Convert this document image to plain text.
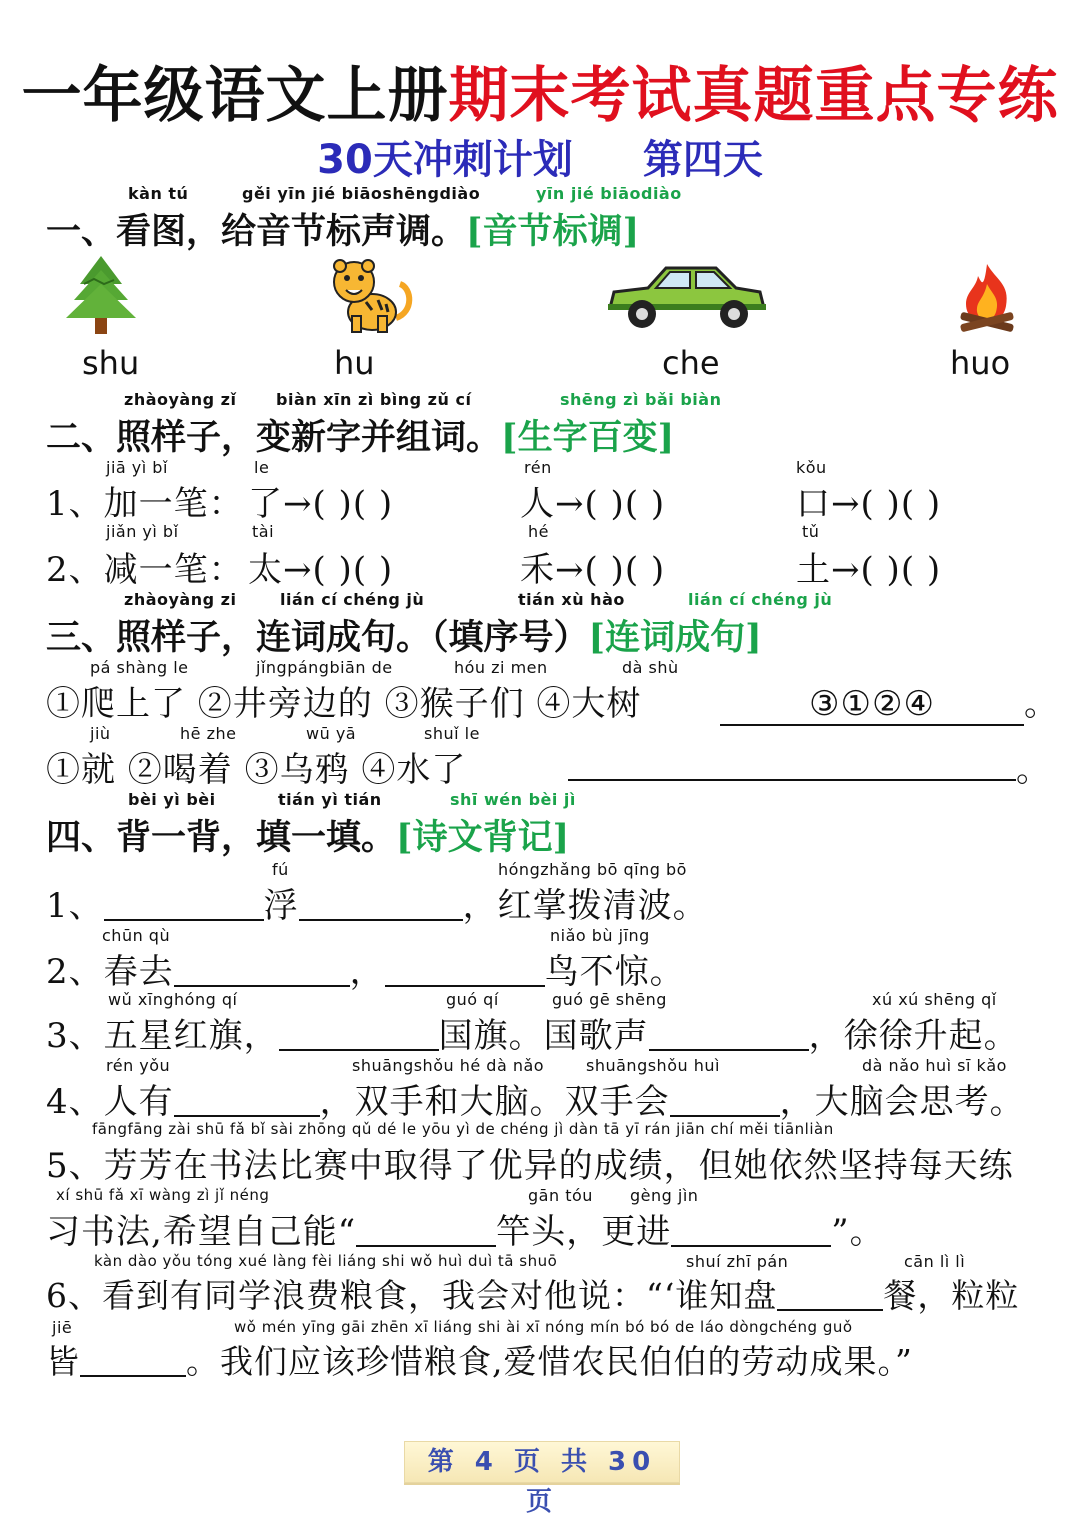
一年级语文上册期末考试真题重点专练
30天冲刺计划 第四天
kàn tú	gěi yīn jié biāoshēngdiào	yīn jié biāodiào
一、看图，给音节标声调。[音节标调]
shu	hu	che	huo
zhàoyàng zǐ biàn xīn zì bìng zǔ cí	shēng zì bǎi biàn
二、照样子，变新字并组词。[生字百变]
jiā yì bǐ	le	rén	kǒu
1、加一笔： 了→( )( )	人→( )( )	口→( )( )
jiǎn yì bǐ	tài	hé	tǔ
2、减一笔： 太→( )( )	禾→( )( )	土→( )( )
zhàoyàng zi	lián cí chéng jù	tián xù hào	lián cí chéng jù
三、照样子，连词成句。（填序号）[连词成句]
pá shàng le	jǐngpángbiān de	hóu zi men	dà shù
①爬上了 ②井旁边的 ③猴子们 ④大树	③①②④	。
jiù	hē zhe	wū yā	shuǐ le
①就 ②喝着 ③乌鸦 ④水了	。
bèi yì bèi	tián yì tián	shī wén bèi jì
四、背一背，填一填。[诗文背记]
fú	hóngzhǎng bō qīng bō
1、	浮	，红掌拨清波。
chūn qù	niǎo bù jīng
2、春去	，	鸟不惊。
wǔ xīnghóng qí	guó qí	guó gē shēng	xú xú shēng qǐ
3、五星红旗，	国旗。国歌声	，徐徐升起。
rén yǒu	shuāngshǒu hé dà nǎo	shuāngshǒu huì	dà nǎo huì sī kǎo
4、人有	，双手和大脑。双手会	，大脑会思考。
fāngfāng zài shū fǎ bǐ sài zhōng qǔ dé le yōu yì de chéng jì dàn tā yī rán jiān chí měi tiānliàn
5、芳芳在书法比赛中取得了优异的成绩，但她依然坚持每天练
xí shū fǎ xī wàng zì jǐ néng	gān tóu gèng jìn
习书法,希望自己能“	竿头，更进	”。
kàn dào yǒu tóng xué làng fèi liáng shi wǒ huì duì tā shuō	shuí zhī pán	cān lì lì
6、看到有同学浪费粮食，我会对他说：“‘谁知盘	餐，粒粒
jiē	wǒ mén yīng gāi zhēn xī liáng shi ài xī nóng mín bó bó de láo dòngchéng guǒ
皆	。我们应该珍惜粮食,爱惜农民伯伯的劳动成果。”
第 4 页 共 30 页
